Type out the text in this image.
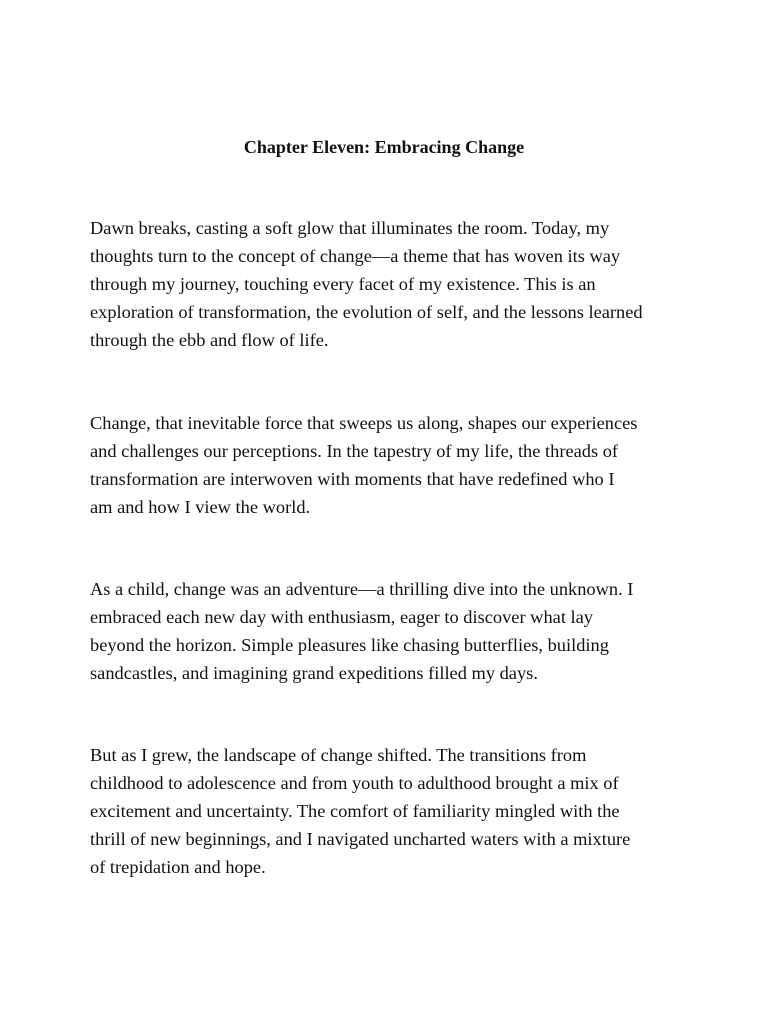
Chapter Eleven: Embracing Change

Dawn breaks, casting a soft glow that illuminates the room. Today, my
thoughts turn to the concept of change—a theme that has woven its way
through my journey, touching every facet of my existence. This is an
exploration of transformation, the evolution of self, and the lessons learned
through the ebb and flow of life.

Change, that inevitable force that sweeps us along, shapes our experiences
and challenges our perceptions. In the tapestry of my life, the threads of
transformation are interwoven with moments that have redefined who I
am and how I view the world.

As a child, change was an adventure—a thrilling dive into the unknown. I
embraced each new day with enthusiasm, eager to discover what lay
beyond the horizon. Simple pleasures like chasing butterflies, building
sandcastles, and imagining grand expeditions filled my days.

But as I grew, the landscape of change shifted. The transitions from
childhood to adolescence and from youth to adulthood brought a mix of
excitement and uncertainty. The comfort of familiarity mingled with the
thrill of new beginnings, and I navigated uncharted waters with a mixture
of trepidation and hope.
